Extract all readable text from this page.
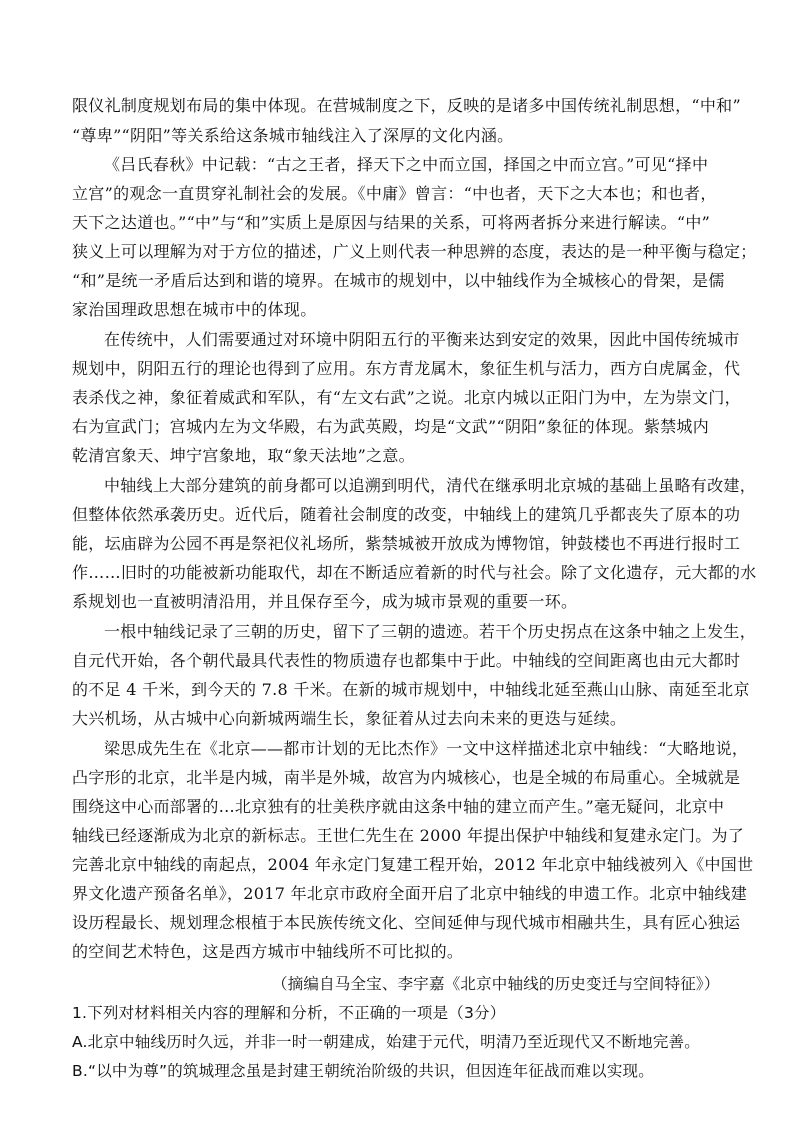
限仪礼制度规划布局的集中体现。在营城制度之下，反映的是诸多中国传统礼制思想，“中和”
“尊卑”“阴阳”等关系给这条城市轴线注入了深厚的文化内涵。
《吕氏春秋》中记载：“古之王者，择天下之中而立国，择国之中而立宫。”可见“择中
立宫”的观念一直贯穿礼制社会的发展。《中庸》曾言：“中也者，天下之大本也；和也者，
天下之达道也。”“中”与“和”实质上是原因与结果的关系，可将两者拆分来进行解读。“中”
狭义上可以理解为对于方位的描述，广义上则代表一种思辨的态度，表达的是一种平衡与稳定；
“和”是统一矛盾后达到和谐的境界。在城市的规划中，以中轴线作为全城核心的骨架，是儒
家治国理政思想在城市中的体现。
在传统中，人们需要通过对环境中阴阳五行的平衡来达到安定的效果，因此中国传统城市
规划中，阴阳五行的理论也得到了应用。东方青龙属木，象征生机与活力，西方白虎属金，代
表杀伐之神，象征着威武和军队，有“左文右武”之说。北京内城以正阳门为中，左为崇文门，
右为宣武门；宫城内左为文华殿，右为武英殿，均是“文武”“阴阳”象征的体现。紫禁城内
乾清宫象天、坤宁宫象地，取“象天法地”之意。
中轴线上大部分建筑的前身都可以追溯到明代，清代在继承明北京城的基础上虽略有改建，
但整体依然承袭历史。近代后，随着社会制度的改变，中轴线上的建筑几乎都丧失了原本的功
能，坛庙辟为公园不再是祭祀仪礼场所，紫禁城被开放成为博物馆，钟鼓楼也不再进行报时工
作……旧时的功能被新功能取代，却在不断适应着新的时代与社会。除了文化遗存，元大都的水
系规划也一直被明清沿用，并且保存至今，成为城市景观的重要一环。
一根中轴线记录了三朝的历史，留下了三朝的遗迹。若干个历史拐点在这条中轴之上发生，
自元代开始，各个朝代最具代表性的物质遗存也都集中于此。中轴线的空间距离也由元大都时
的不足 4 千米，到今天的 7.8 千米。在新的城市规划中，中轴线北延至燕山山脉、南延至北京
大兴机场，从古城中心向新城两端生长，象征着从过去向未来的更迭与延续。
梁思成先生在《北京——都市计划的无比杰作》一文中这样描述北京中轴线：“大略地说，
凸字形的北京，北半是内城，南半是外城，故宫为内城核心，也是全城的布局重心。全城就是
围绕这中心而部署的...北京独有的壮美秩序就由这条中轴的建立而产生。”毫无疑问，北京中
轴线已经逐渐成为北京的新标志。王世仁先生在 2000 年提出保护中轴线和复建永定门。为了
完善北京中轴线的南起点，2004 年永定门复建工程开始，2012 年北京中轴线被列入《中国世
界文化遗产预备名单》，2017 年北京市政府全面开启了北京中轴线的申遗工作。北京中轴线建
设历程最长、规划理念根植于本民族传统文化、空间延伸与现代城市相融共生，具有匠心独运
的空间艺术特色，这是西方城市中轴线所不可比拟的。
（摘编自马全宝、李宇嘉《北京中轴线的历史变迁与空间特征》）
1.下列对材料相关内容的理解和分析，不正确的一项是（3分）
A.北京中轴线历时久远，并非一时一朝建成，始建于元代，明清乃至近现代又不断地完善。
B.“以中为尊”的筑城理念虽是封建王朝统治阶级的共识，但因连年征战而难以实现。
